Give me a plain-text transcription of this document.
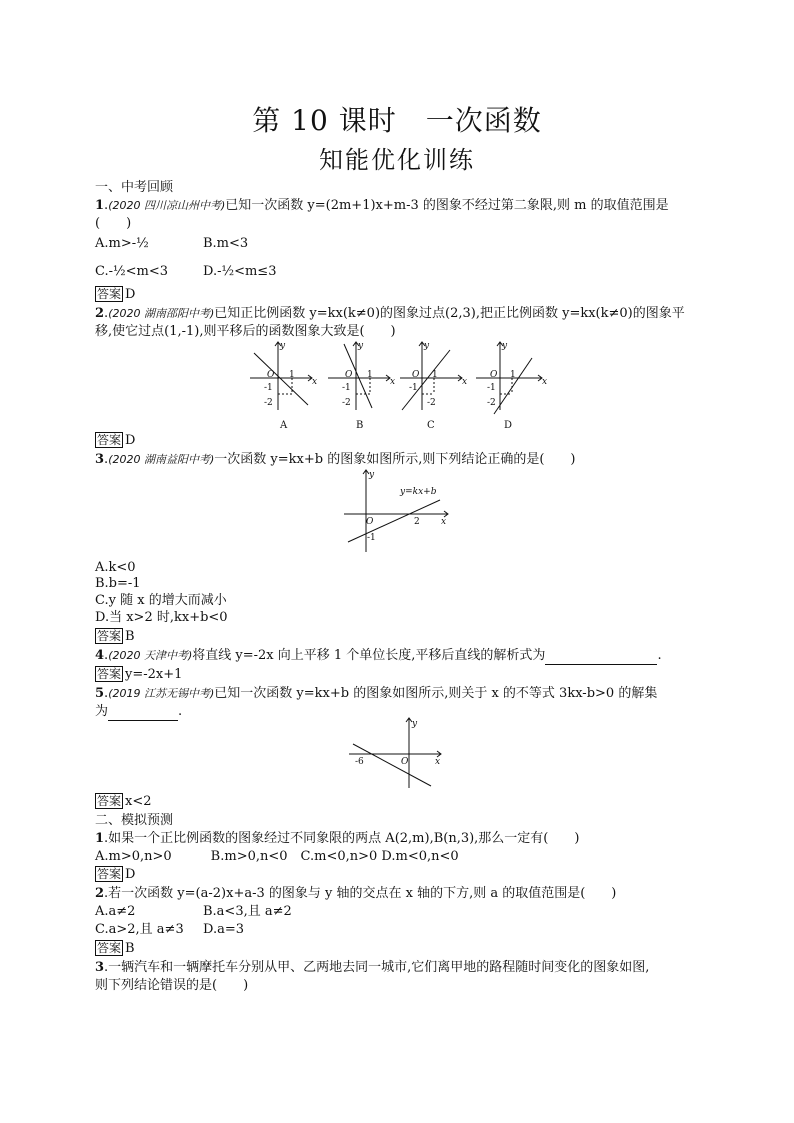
第 10 课时　一次函数
知能优化训练
一、中考回顾
1.(2020 四川凉山州中考)已知一次函数 y=(2m+1)x+m-3 的图象不经过第二象限,则 m 的取值范围是
(　　)
A.m>-½	B.m<3
C.-½<m<3	D.-½<m≤3
答案 D
2.(2020 湖南邵阳中考)已知正比例函数 y=kx(k≠0)的图象过点(2,3),把正比例函数 y=kx(k≠0)的图象平
移,使它过点(1,-1),则平移后的函数图象大致是(　　)
y
x
O 1
-1
-2
y
x
O 1
-1
-2
y
x
O 1
-1
-2
y
x
O 1
-1
-2
A	B	C	D
答案 D
3.(2020 湖南益阳中考)一次函数 y=kx+b 的图象如图所示,则下列结论正确的是(　　)
y
x
O	2
-1
y=kx+b
A.k<0
B.b=-1
C.y 随 x 的增大而减小
D.当 x>2 时,kx+b<0
答案 B
4.(2020 天津中考)将直线 y=-2x 向上平移 1 个单位长度,平移后直线的解析式为	.
答案 y=-2x+1
5.(2019 江苏无锡中考)已知一次函数 y=kx+b 的图象如图所示,则关于 x 的不等式 3kx-b>0 的解集
为	.
y
x
O
-6
答案 x<2
二、模拟预测
1.如果一个正比例函数的图象经过不同象限的两点 A(2,m),B(n,3),那么一定有(　　)
A.m>0,n>0　　　B.m>0,n<0　C.m<0,n>0 D.m<0,n<0
答案 D
2.若一次函数 y=(a-2)x+a-3 的图象与 y 轴的交点在 x 轴的下方,则 a 的取值范围是(　　)
A.a≠2	B.a<3,且 a≠2
C.a>2,且 a≠3 D.a=3
答案 B
3.一辆汽车和一辆摩托车分别从甲、乙两地去同一城市,它们离甲地的路程随时间变化的图象如图,
则下列结论错误的是(　　)
